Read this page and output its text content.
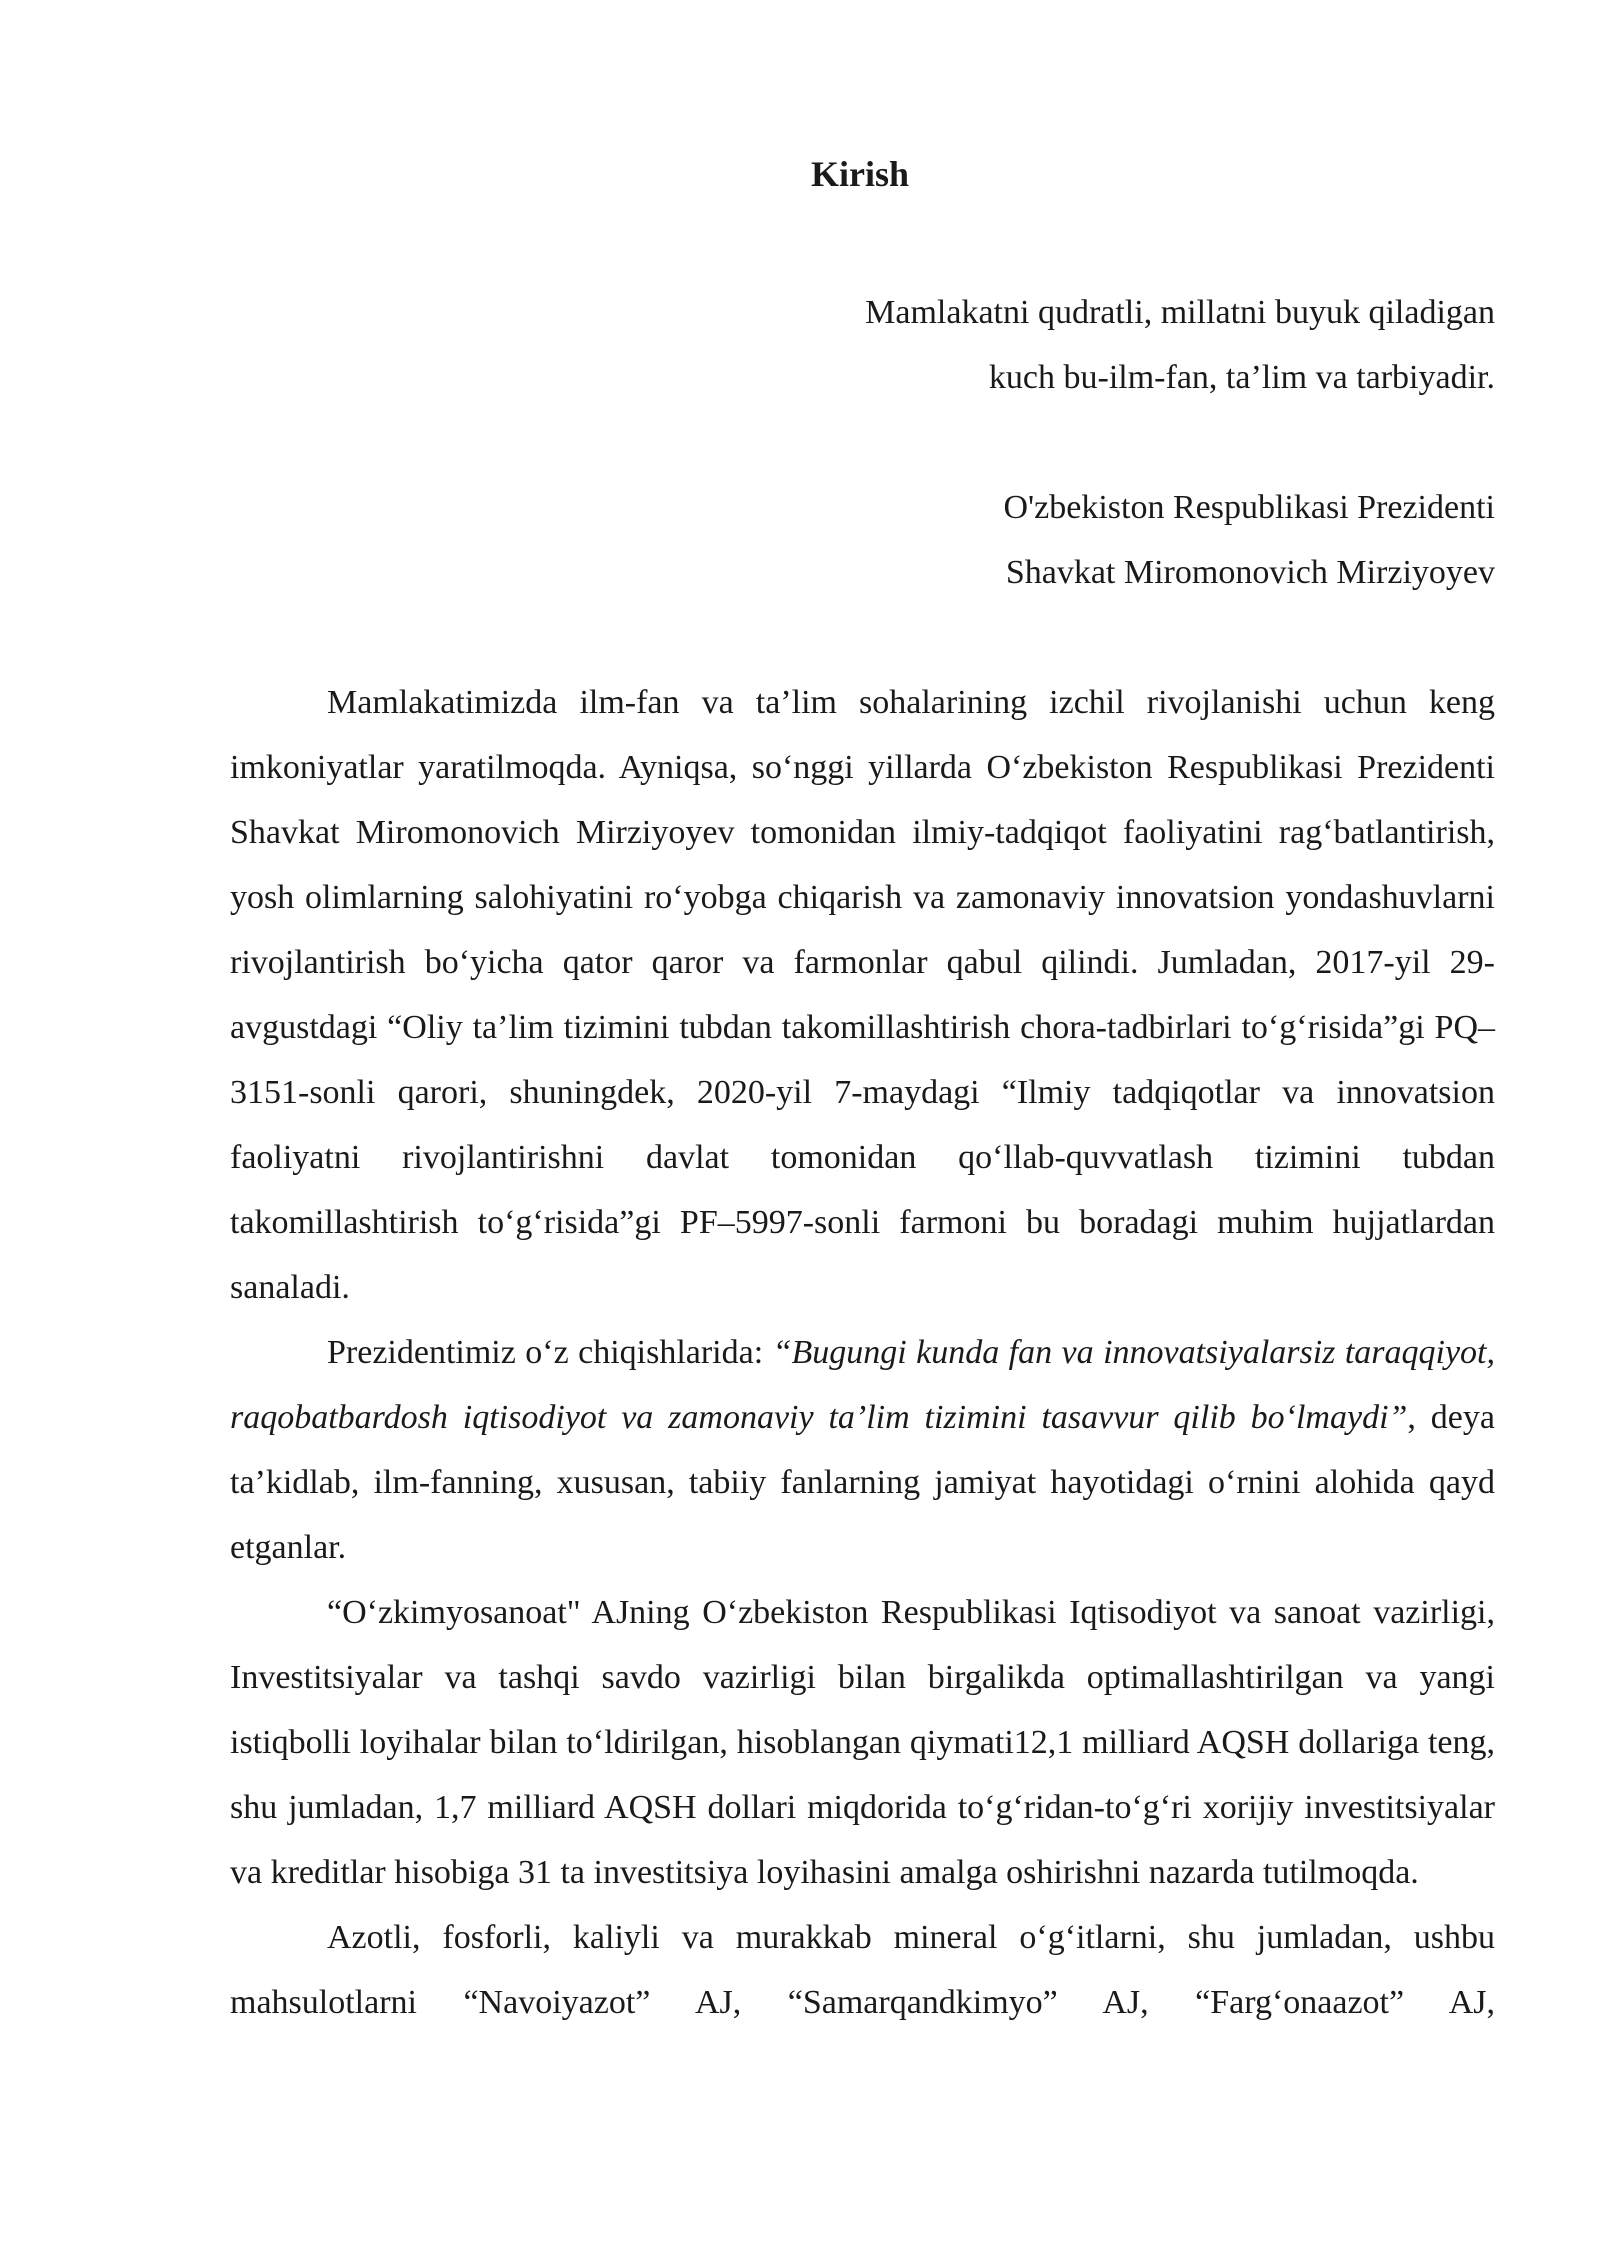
Kirish
Mamlakatni qudratli, millatni buyuk qiladigan
kuch bu-ilm-fan, ta’lim va tarbiyadir.
O'zbekiston Respublikasi Prezidenti
Shavkat Miromonovich Mirziyoyev

Mamlakatimizda ilm-fan va ta’lim sohalarining izchil rivojlanishi uchun keng imkoniyatlar yaratilmoqda. Ayniqsa, so‘nggi yillarda O‘zbekiston Respublikasi Prezidenti Shavkat Miromonovich Mirziyoyev tomonidan ilmiy-tadqiqot faoliyatini rag‘batlantirish, yosh olimlarning salohiyatini ro‘yobga chiqarish va zamonaviy innovatsion yondashuvlarni rivojlantirish bo‘yicha qator qaror va farmonlar qabul qilindi. Jumladan, 2017-yil 29-avgustdagi “Oliy ta’lim tizimini tubdan takomillashtirish chora-tadbirlari to‘g‘risida”gi PQ–3151-sonli qarori, shuningdek, 2020-yil 7-maydagi “Ilmiy tadqiqotlar va innovatsion faoliyatni rivojlantirishni davlat tomonidan qo‘llab-quvvatlash tizimini tubdan takomillashtirish to‘g‘risida”gi PF–5997-sonli farmoni bu boradagi muhim hujjatlardan sanaladi.

Prezidentimiz o‘z chiqishlarida: “Bugungi kunda fan va innovatsiyalarsiz taraqqiyot, raqobatbardosh iqtisodiyot va zamonaviy ta’lim tizimini tasavvur qilib bo‘lmaydi”, deya ta’kidlab, ilm-fanning, xususan, tabiiy fanlarning jamiyat hayotidagi o‘rnini alohida qayd etganlar.

“O‘zkimyosanoat" AJning O‘zbekiston Respublikasi Iqtisodiyot va sanoat vazirligi, Investitsiyalar va tashqi savdo vazirligi bilan birgalikda optimallashtirilgan va yangi istiqbolli loyihalar bilan to‘ldirilgan, hisoblangan qiymati12,1 milliard AQSH dollariga teng, shu jumladan, 1,7 milliard AQSH dollari miqdorida to‘g‘ridan-to‘g‘ri xorijiy investitsiyalar va kreditlar hisobiga 31 ta investitsiya loyihasini amalga oshirishni nazarda tutilmoqda.

Azotli, fosforli, kaliyli va murakkab mineral o‘g‘itlarni, shu jumladan, ushbu mahsulotlarni “Navoiyazot” AJ, “Samarqandkimyo” AJ, “Farg‘onaazot” AJ,
